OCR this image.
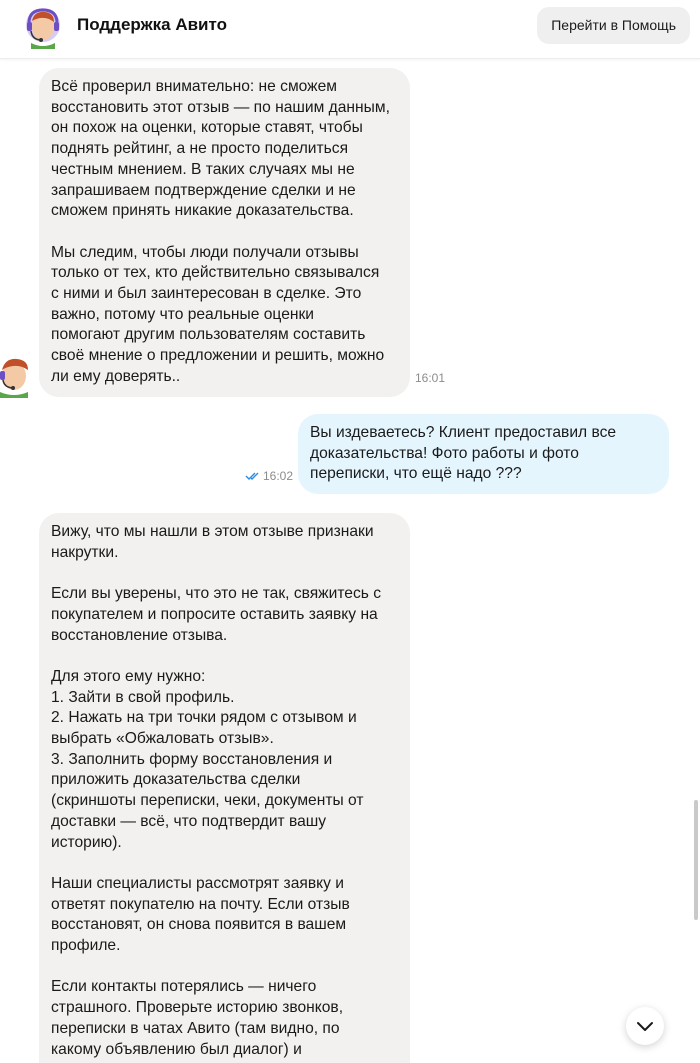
Поддержка Авито	Перейти в Помощь

Всё проверил внимательно: не сможем
восстановить этот отзыв — по нашим данным,
он похож на оценки, которые ставят, чтобы
поднять рейтинг, а не просто поделиться
честным мнением. В таких случаях мы не
запрашиваем подтверждение сделки и не
сможем принять никакие доказательства.

Мы следим, чтобы люди получали отзывы
только от тех, кто действительно связывался
с ними и был заинтересован в сделке. Это
важно, потому что реальные оценки
помогают другим пользователям составить
своё мнение о предложении и решить, можно
ли ему доверять..	16:01

Вы издеваетесь? Клиент предоставил все
доказательства! Фото работы и фото
переписки, что ещё надо ???

16:02

Вижу, что мы нашли в этом отзыве признаки
накрутки.

Если вы уверены, что это не так, свяжитесь с
покупателем и попросите оставить заявку на
восстановление отзыва.

Для этого ему нужно:
1. Зайти в свой профиль.
2. Нажать на три точки рядом с отзывом и
выбрать «Обжаловать отзыв».
3. Заполнить форму восстановления и
приложить доказательства сделки
(скриншоты переписки, чеки, документы от
доставки — всё, что подтвердит вашу
историю).

Наши специалисты рассмотрят заявку и
ответят покупателю на почту. Если отзыв
восстановят, он снова появится в вашем
профиле.

Если контакты потерялись — ничего
страшного. Проверьте историю звонков,
переписки в чатах Авито (там видно, по
какому объявлению был диалог) и
